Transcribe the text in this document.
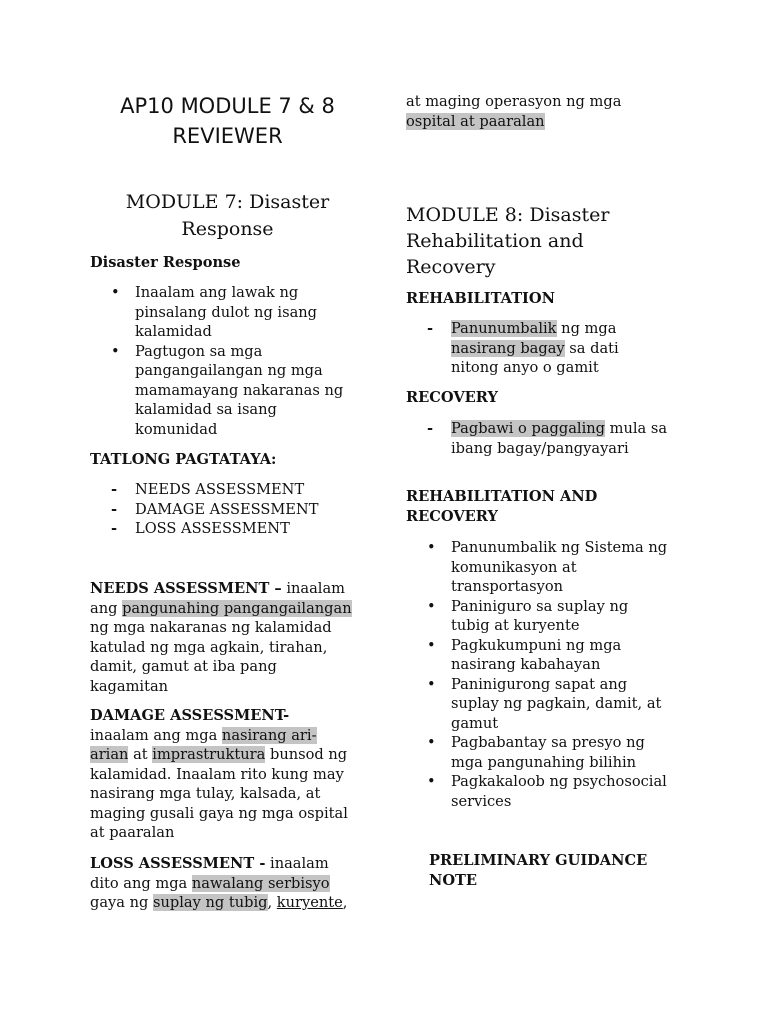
AP10 MODULE 7 & 8
REVIEWER
MODULE 7: Disaster
Response
Disaster Response
• Inaalam ang lawak ng
pinsalang dulot ng isang
kalamidad
• Pagtugon sa mga
pangangailangan ng mga
mamamayang nakaranas ng
kalamidad sa isang
komunidad
TATLONG PAGTATAYA:
- NEEDS ASSESSMENT
- DAMAGE ASSESSMENT
- LOSS ASSESSMENT
NEEDS ASSESSMENT – inaalam
ang pangunahing pangangailangan
ng mga nakaranas ng kalamidad
katulad ng mga agkain, tirahan,
damit, gamut at iba pang
kagamitan
DAMAGE ASSESSMENT-
inaalam ang mga nasirang ari-
arian at imprastruktura bunsod ng
kalamidad. Inaalam rito kung may
nasirang mga tulay, kalsada, at
maging gusali gaya ng mga ospital
at paaralan
LOSS ASSESSMENT - inaalam
dito ang mga nawalang serbisyo
gaya ng suplay ng tubig, kuryente,
at maging operasyon ng mga
ospital at paaralan
MODULE 8: Disaster
Rehabilitation and
Recovery
REHABILITATION
- Panunumbalik ng mga
nasirang bagay sa dati
nitong anyo o gamit
RECOVERY
- Pagbawi o paggaling mula sa
ibang bagay/pangyayari
REHABILITATION AND
RECOVERY
• Panunumbalik ng Sistema ng
komunikasyon at
transportasyon
• Paniniguro sa suplay ng
tubig at kuryente
• Pagkukumpuni ng mga
nasirang kabahayan
• Paninigurong sapat ang
suplay ng pagkain, damit, at
gamut
• Pagbabantay sa presyo ng
mga pangunahing bilihin
• Pagkakaloob ng psychosocial
services
PRELIMINARY GUIDANCE
NOTE
